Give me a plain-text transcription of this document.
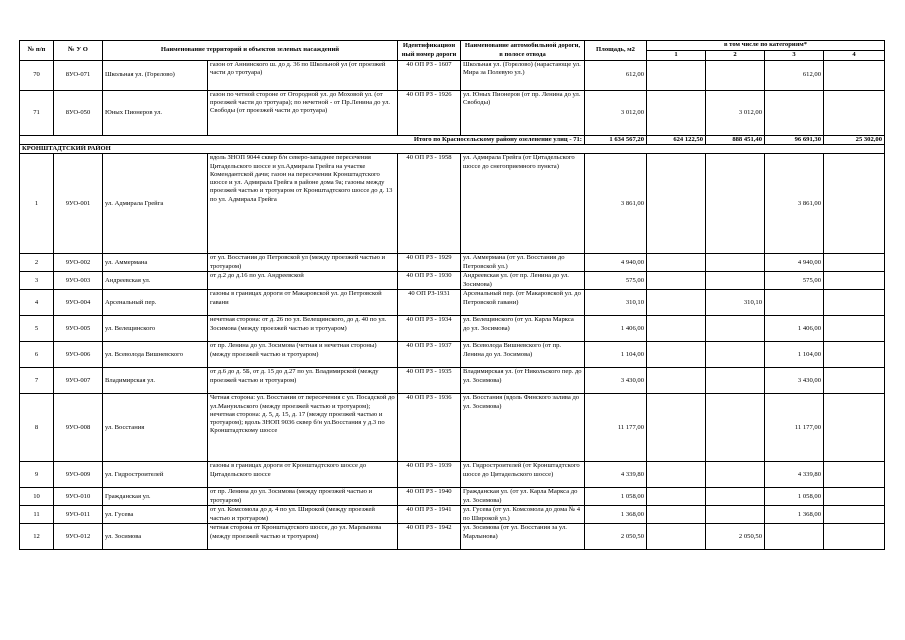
№ п/п	№ У О	Наименование территорий и объектов зеленых насаждений		Идентификацион ный номер дороги	Наименование автомобильной дороги, в полосе отвода	Площадь, м2	в том числе по категориям*			
							1	2	3	4
70	8УО-071	Школьная ул. (Горелово)	газон от Аннинского ш. до д. 36 по Школьной ул (от проезжей части до тротуара)	40 ОП РЗ - 1607	Школьная ул. (Горелово) (нарастающе ул. Мира за Полевую ул.)	612,00			612,00	
71	8УО-050	Юных Пионеров ул.	газон по четной стороне от Огородной ул. до Моховой ул. (от проезжей части до тротуара); по нечетной - от Пр.Ленина до ул. Свободы (от проезжей части до тротуара)	40 ОП РЗ - 1926	ул. Юных Пионеров (от пр. Ленина до ул. Свободы)	3 012,00		3 012,00		
Итого по Красносельскому району озеленение улиц - 71:						1 634 567,20	624 122,50	888 451,40	96 691,30	25 302,00
КРОНШТАДТСКИЙ РАЙОН										
1	9УО-001	ул. Адмирала Грейга	вдоль ЗНОП 9044 сквер б/н северо-западнее пересечения Цитадельского шоссе и ул.Адмирала Грейга на участке Комендантской дачи; газон на пересечении Кронштадтского шоссе и ул. Адмирала Грейга в районе дома 9а; газоны между проезжей частью и тротуаром от Кронштадтского шоссе до д. 13 по ул. Адмирала Грейга	40 ОП РЗ - 1958	ул. Адмирала Грейга (от Цитадельского шоссе до снегоприемного пункта)	3 861,00			3 861,00	
2	9УО-002	ул. Аммермана	от ул. Восстания до Петровской ул (между проезжей частью и тротуаром)	40 ОП РЗ - 1929	ул. Аммермана (от ул. Восстания до Петровской ул.)	4 940,00			4 940,00	
3	9УО-003	Андреевская ул.	от д.2 до д.16 по ул. Андреевской	40 ОП РЗ - 1930	Андреевская ул. (от пр. Ленина до ул. Зосимова)	575,00			575,00	
4	9УО-004	Арсенальный пер.	газоны в границах дороги от Макаровской ул. до Петровской гавани	40 ОП РЗ-1931	Арсенальный пер. (от Макаровской ул. до Петровской гавани)	310,10		310,10		
5	9УО-005	ул. Велещинского	нечетная сторона: от д. 26 по ул. Велещинского, до д. 40 по ул. Зосимова (между проезжей частью и тротуаром)	40 ОП РЗ - 1934	ул. Велещинского (от ул. Карла Маркса до ул. Зосимова)	1 406,00			1 406,00	
6	9УО-006	ул. Всеволода Вишневского	от пр. Ленина до ул. Зосимова (четная и нечетная стороны) (между проезжей частью и тротуаром)	40 ОП РЗ - 1937	ул. Всеволода Вишневского (от пр. Ленина до ул. Зосимова)	1 104,00			1 104,00	
7	9УО-007	Владимирская ул.	от д.6 до д. 5Б, от д. 15 до д.27 по ул. Владимирской (между проезжей частью и тротуаром)	40 ОП РЗ - 1935	Владимирская ул. (от Никольского пер. до ул. Зосимова)	3 430,00			3 430,00	
8	9УО-008	ул. Восстания	Четная сторона: ул. Восстания от пересечения с ул. Посадской до ул.Мануильского (между проезжей частью и тротуаром); нечетная сторона: д. 5, д. 15, д. 17 (между проезжей частью и тротуаром); вдоль ЗНОП 9036 сквер б/н ул.Восстания у д.3 по Кронштадтскому шоссе	40 ОП РЗ - 1936	ул. Восстания (вдоль Финского залива до ул. Зосимова)	11 177,00			11 177,00	
9	9УО-009	ул. Гидростроителей	газоны в границах дороги от Кронштадтского шоссе до Цитадельского шоссе	40 ОП РЗ - 1939	ул. Гидростроителей (от Кронштадтского шоссе до Цитадельского шоссе)	4 339,80			4 339,80	
10	9УО-010	Гражданская ул.	от пр. Ленина до ул. Зосимова (между проезжей частью и тротуаром)	40 ОП РЗ - 1940	Гражданская ул. (от ул. Карла Маркса до ул. Зосимова)	1 058,00			1 058,00	
11	9УО-011	ул. Гусева	от ул. Комсомола до д. 4 по ул. Широкой (между проезжей частью и тротуаром)	40 ОП РЗ - 1941	ул. Гусева (от ул. Комсомола до дома № 4 по Широкой ул.)	1 368,00			1 368,00	
12	9УО-012	ул. Зосимова	четная сторона от Кронштадтского шоссе, до ул. Марлынова (между проезжей частью и тротуаром)	40 ОП РЗ - 1942	ул. Зосимова (от ул. Восстания за ул. Марлынова)	2 050,50		2 050,50		
